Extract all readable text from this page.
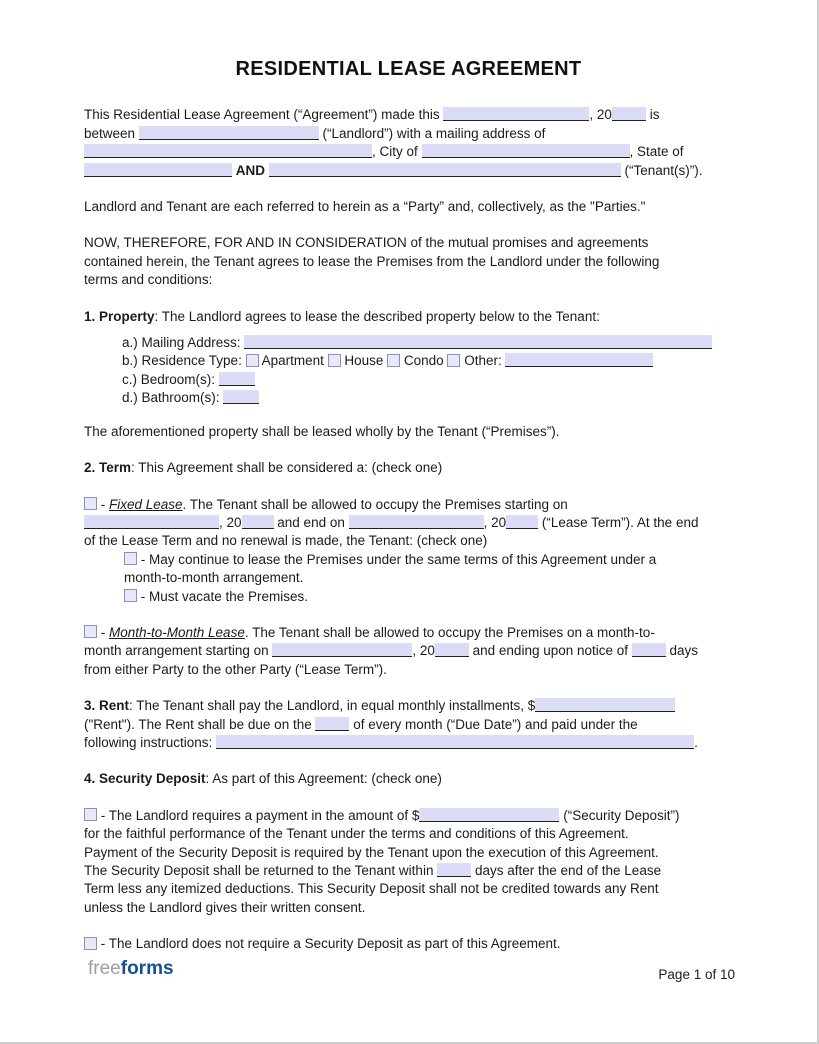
RESIDENTIAL LEASE AGREEMENT

This Residential Lease Agreement (“Agreement”) made this	, 20	is
between	(“Landlord”) with a mailing address of
, City of	, State of
AND	(“Tenant(s)”).

Landlord and Tenant are each referred to herein as a “Party” and, collectively, as the "Parties."

NOW, THEREFORE, FOR AND IN CONSIDERATION of the mutual promises and agreements
contained herein, the Tenant agrees to lease the Premises from the Landlord under the following
terms and conditions:

1. Property: The Landlord agrees to lease the described property below to the Tenant:

a.) Mailing Address:
b.) Residence Type:  Apartment  House  Condo  Other:
c.) Bedroom(s):
d.) Bathroom(s):

The aforementioned property shall be leased wholly by the Tenant (“Premises”).

2. Term: This Agreement shall be considered a: (check one)

- Fixed Lease. The Tenant shall be allowed to occupy the Premises starting on
, 20 and end on	, 20 (“Lease Term”). At the end
of the Lease Term and no renewal is made, the Tenant: (check one)

- May continue to lease the Premises under the same terms of this Agreement under a
month-to-month arrangement.
- Must vacate the Premises.

- Month-to-Month Lease. The Tenant shall be allowed to occupy the Premises on a month-to-
month arrangement starting on	, 20	and ending upon notice of	days
from either Party to the other Party (“Lease Term”).

3. Rent: The Tenant shall pay the Landlord, in equal monthly installments, $
("Rent"). The Rent shall be due on the	of every month (“Due Date”) and paid under the
following instructions:	.

4. Security Deposit: As part of this Agreement: (check one)

- The Landlord requires a payment in the amount of $	(“Security Deposit”)
for the faithful performance of the Tenant under the terms and conditions of this Agreement.
Payment of the Security Deposit is required by the Tenant upon the execution of this Agreement.
The Security Deposit shall be returned to the Tenant within	days after the end of the Lease
Term less any itemized deductions. This Security Deposit shall not be credited towards any Rent
unless the Landlord gives their written consent.

- The Landlord does not require a Security Deposit as part of this Agreement.

freeforms	Page 1 of 10
